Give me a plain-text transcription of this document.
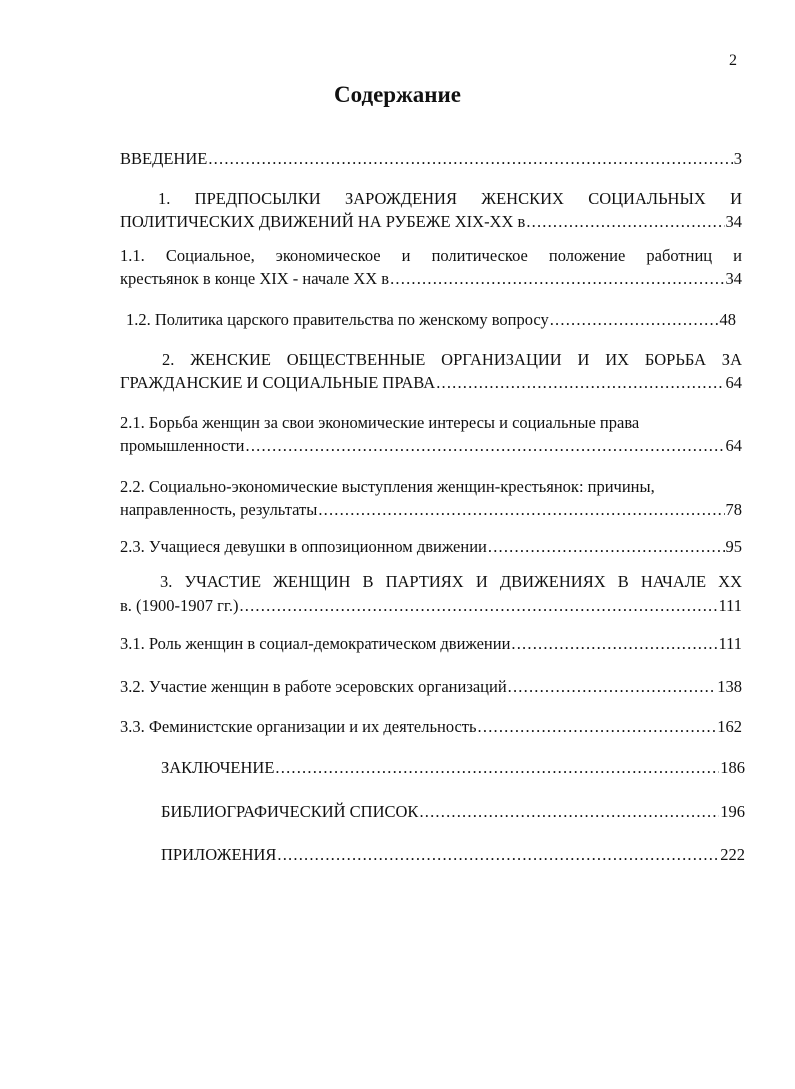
2
Содержание
ВВЕДЕНИЕ .....	3
1. ПРЕДПОСЫЛКИ ЗАРОЖДЕНИЯ ЖЕНСКИХ СОЦИАЛЬНЫХ И
ПОЛИТИЧЕСКИХ ДВИЖЕНИЙ НА РУБЕЖЕ XIX-XX в .....	34
1.1. Социальное, экономическое и политическое положение работниц и
крестьянок в конце XIX - начале XX в .....	34
1.2. Политика царского правительства по женскому вопросу .....	48
2. ЖЕНСКИЕ ОБЩЕСТВЕННЫЕ ОРГАНИЗАЦИИ И ИХ БОРЬБА ЗА
ГРАЖДАНСКИЕ И СОЦИАЛЬНЫЕ ПРАВА .....	64
2.1. Борьба женщин за свои экономические интересы и социальные права
промышленности .....	64
2.2. Социально-экономические выступления женщин-крестьянок: причины,
направленность, результаты .....	78
2.3. Учащиеся девушки в оппозиционном движении .....	95
3. УЧАСТИЕ ЖЕНЩИН В ПАРТИЯХ И ДВИЖЕНИЯХ В НАЧАЛЕ XX
в. (1900-1907 гг.) .....	111
3.1. Роль женщин в социал-демократическом движении .....	111
3.2. Участие женщин в работе эсеровских организаций .....	138
3.3. Феминистские организации и их деятельность .....	162
ЗАКЛЮЧЕНИЕ .....	186
БИБЛИОГРАФИЧЕСКИЙ СПИСОК .....	196
ПРИЛОЖЕНИЯ .....	222
